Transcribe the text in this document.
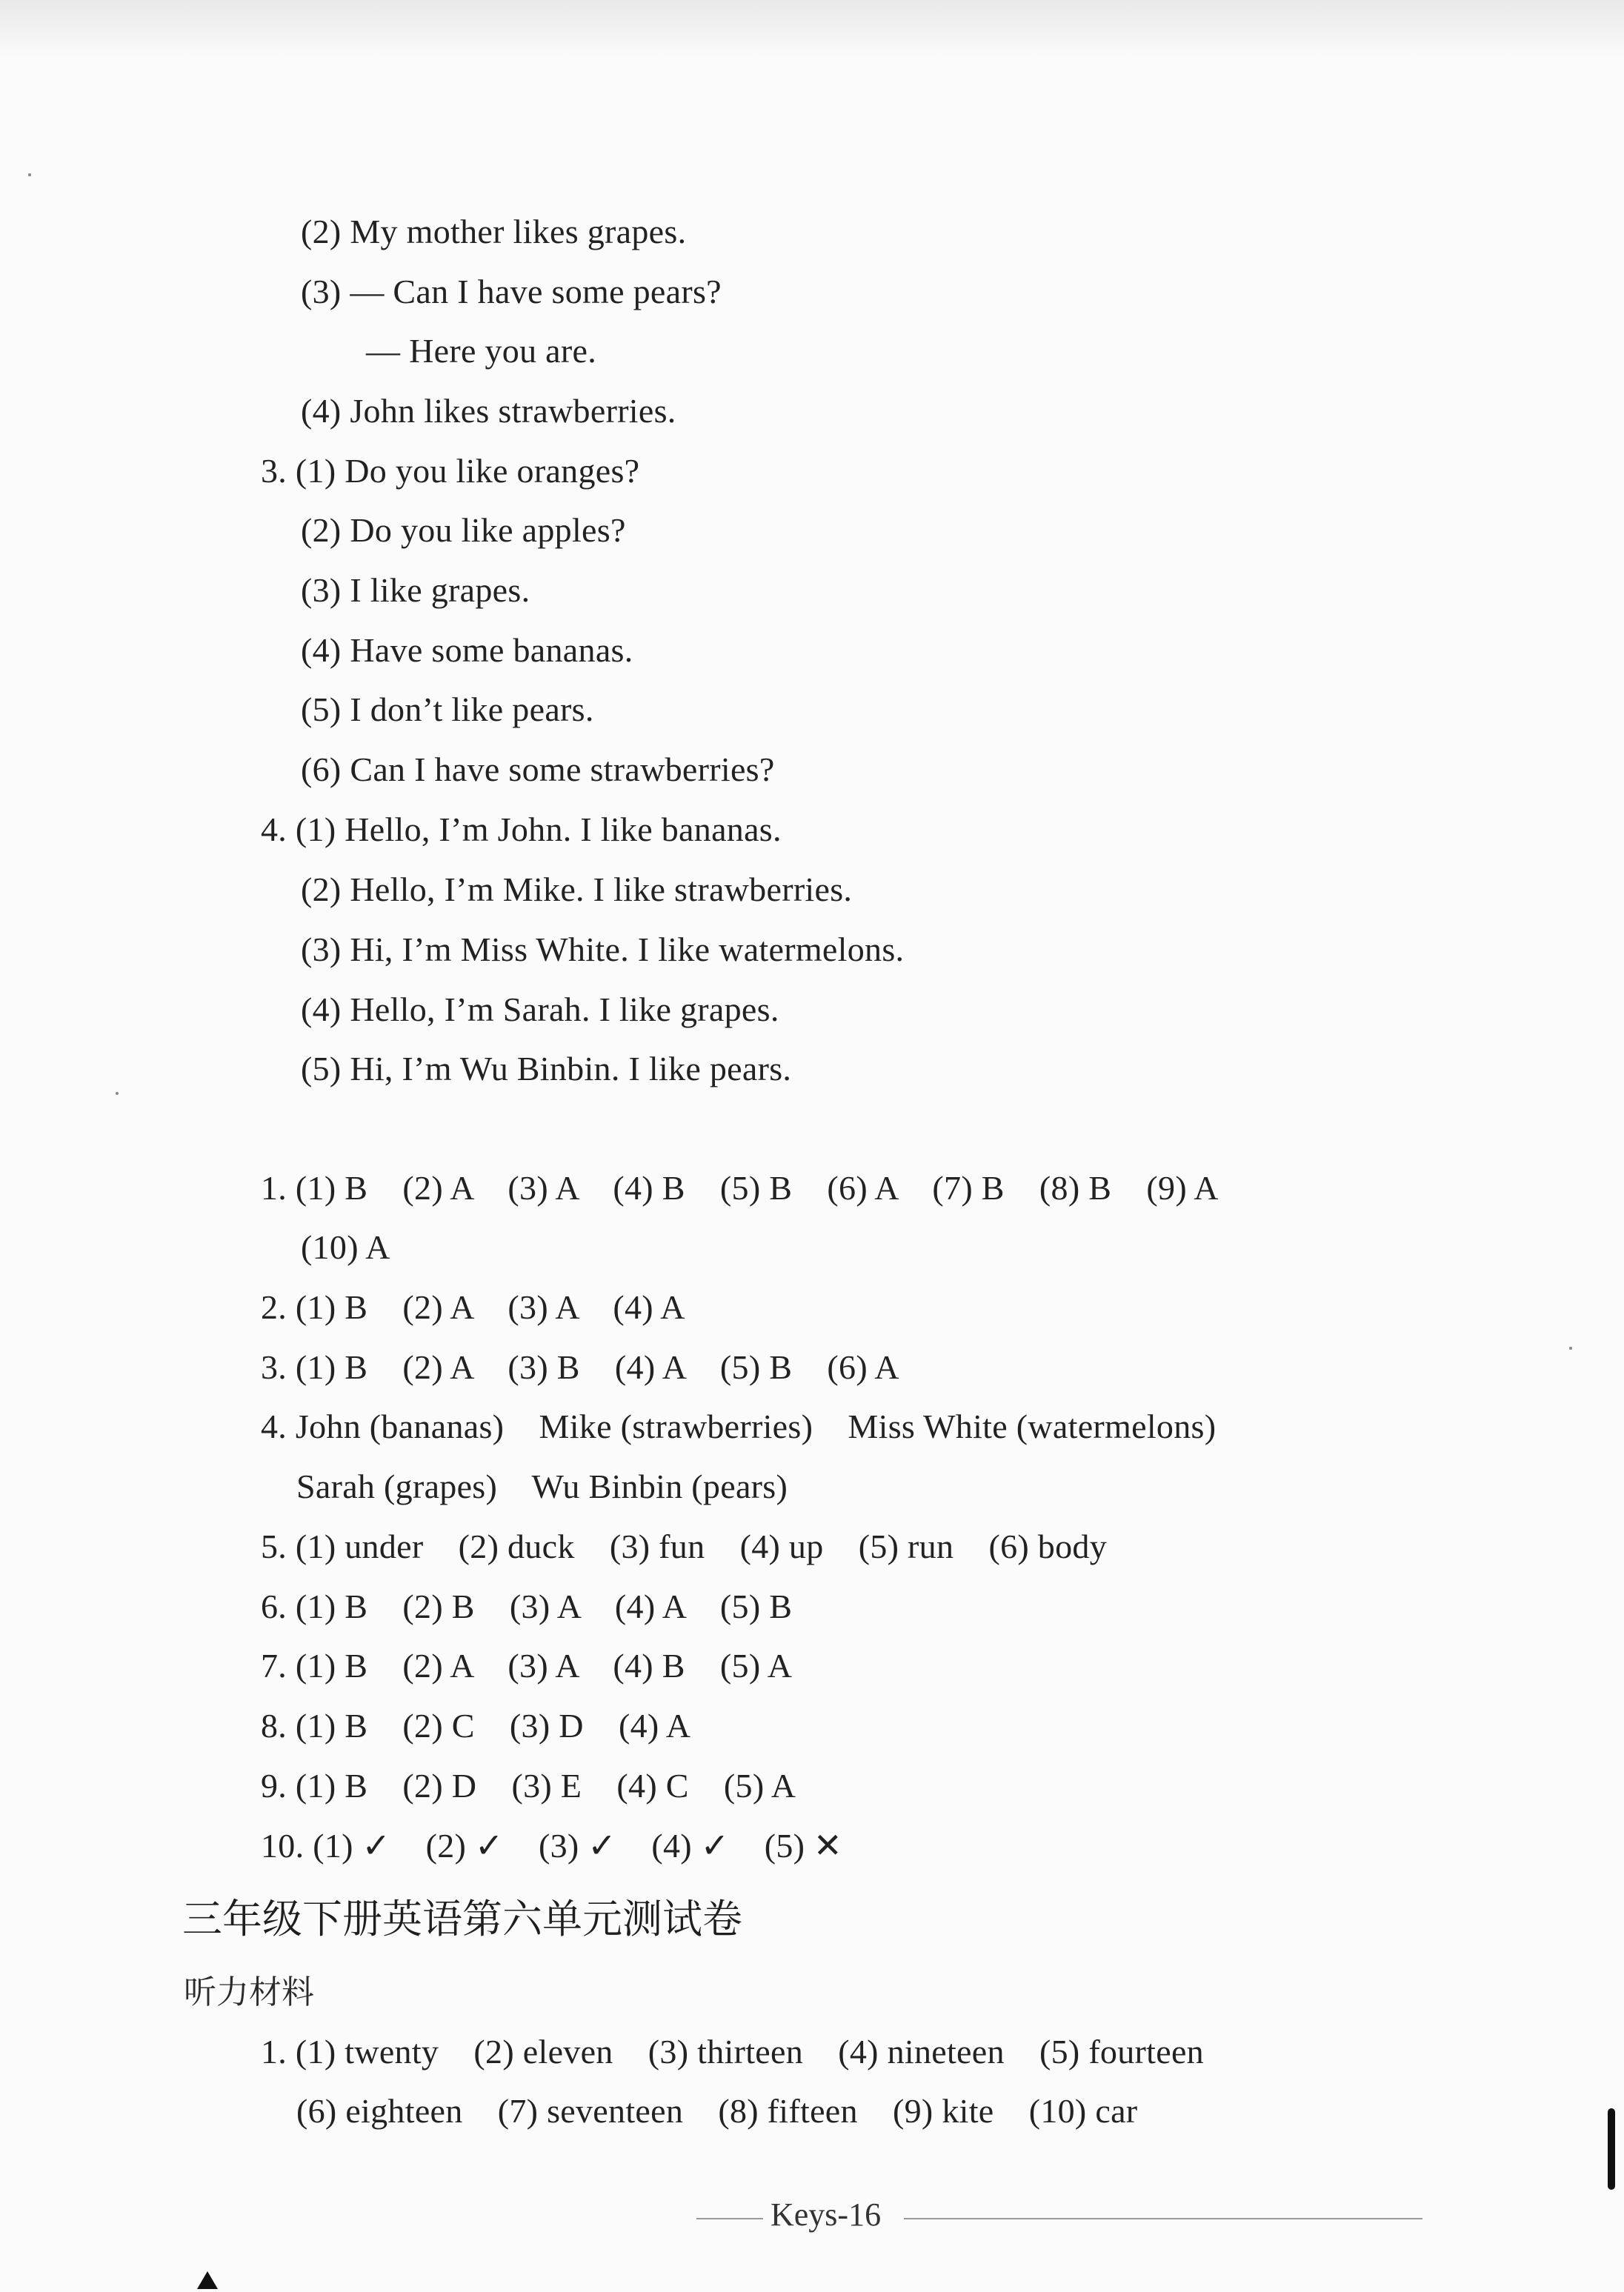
(2) My mother likes grapes.
(3) — Can I have some pears?
— Here you are.
(4) John likes strawberries.
3. (1) Do you like oranges?
(2) Do you like apples?
(3) I like grapes.
(4) Have some bananas.
(5) I don’t like pears.
(6) Can I have some strawberries?
4. (1) Hello, I’m John. I like bananas.
(2) Hello, I’m Mike. I like strawberries.
(3) Hi, I’m Miss White. I like watermelons.
(4) Hello, I’m Sarah. I like grapes.
(5) Hi, I’m Wu Binbin. I like pears.
1. (1) B    (2) A    (3) A    (4) B    (5) B    (6) A    (7) B    (8) B    (9) A
(10) A
2. (1) B    (2) A    (3) A    (4) A
3. (1) B    (2) A    (3) B    (4) A    (5) B    (6) A
4. John (bananas)    Mike (strawberries)    Miss White (watermelons)
Sarah (grapes)    Wu Binbin (pears)
5. (1) under    (2) duck    (3) fun    (4) up    (5) run    (6) body
6. (1) B    (2) B    (3) A    (4) A    (5) B
7. (1) B    (2) A    (3) A    (4) B    (5) A
8. (1) B    (2) C    (3) D    (4) A
9. (1) B    (2) D    (3) E    (4) C    (5) A
10. (1) ✓    (2) ✓    (3) ✓    (4) ✓    (5) ✕
三年级下册英语第六单元测试卷
听力材料
1. (1) twenty    (2) eleven    (3) thirteen    (4) nineteen    (5) fourteen
(6) eighteen    (7) seventeen    (8) fifteen    (9) kite    (10) car
Keys-16
